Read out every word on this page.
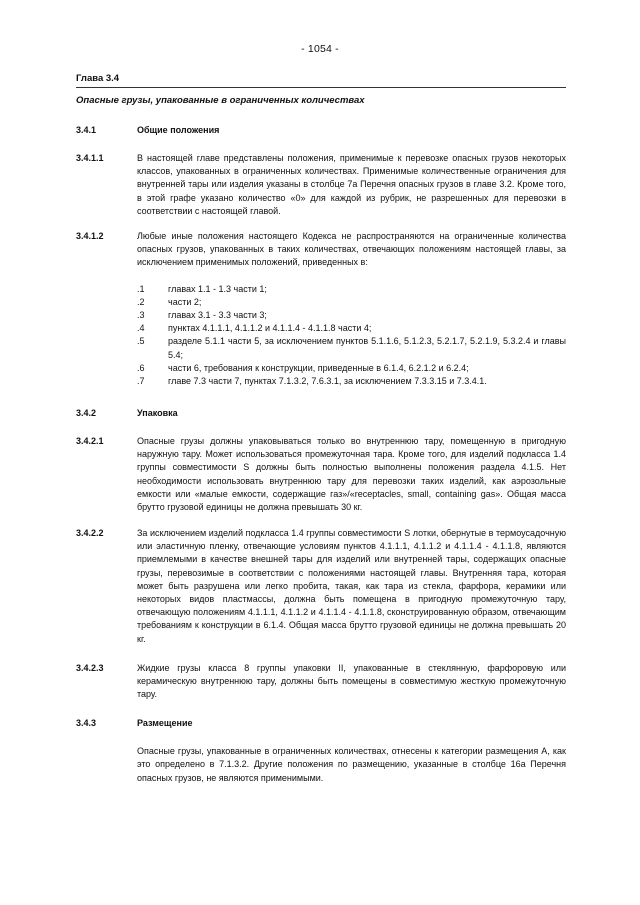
- 1054 -
Глава 3.4
Опасные грузы, упакованные в ограниченных количествах
3.4.1	Общие положения
3.4.1.1	В настоящей главе представлены положения, применимые к перевозке опасных грузов некоторых классов, упакованных в ограниченных количествах. Применимые количественные ограничения для внутренней тары или изделия указаны в столбце 7а Перечня опасных грузов в главе 3.2. Кроме того, в этой графе указано количество «0» для каждой из рубрик, не разрешенных для перевозки в соответствии с настоящей главой.
3.4.1.2	Любые иные положения настоящего Кодекса не распространяются на ограниченные количества опасных грузов, упакованных в таких количествах, отвечающих положениям настоящей главы, за исключением применимых положений, приведенных в:
.1	главах 1.1 - 1.3 части 1;
.2	части 2;
.3	главах 3.1 - 3.3 части 3;
.4	пунктах 4.1.1.1, 4.1.1.2 и 4.1.1.4 - 4.1.1.8 части 4;
.5	разделе 5.1.1 части 5, за исключением пунктов 5.1.1.6, 5.1.2.3, 5.2.1.7, 5.2.1.9, 5.3.2.4 и главы 5.4;
.6	части 6, требования к конструкции, приведенные в 6.1.4, 6.2.1.2 и 6.2.4;
.7	главе 7.3 части 7, пунктах 7.1.3.2, 7.6.3.1, за исключением 7.3.3.15 и 7.3.4.1.
3.4.2	Упаковка
3.4.2.1	Опасные грузы должны упаковываться только во внутреннюю тару, помещенную в пригодную наружную тару. Может использоваться промежуточная тара. Кроме того, для изделий подкласса 1.4 группы совместимости S должны быть полностью выполнены положения раздела 4.1.5. Нет необходимости использовать внутреннюю тару для перевозки таких изделий, как аэрозольные емкости или «малые емкости, содержащие газ»/«receptacles, small, containing gas». Общая масса брутто грузовой единицы не должна превышать 30 кг.
3.4.2.2	За исключением изделий подкласса 1.4 группы совместимости S лотки, обернутые в термоусадочную или эластичную пленку, отвечающие условиям пунктов 4.1.1.1, 4.1.1.2 и 4.1.1.4 - 4.1.1.8, являются приемлемыми в качестве внешней тары для изделий или внутренней тары, содержащих опасные грузы, перевозимые в соответствии с положениями настоящей главы. Внутренняя тара, которая может быть разрушена или легко пробита, такая, как тара из стекла, фарфора, керамики или некоторых видов пластмассы, должна быть помещена в пригодную промежуточную тару, отвечающую положениям 4.1.1.1, 4.1.1.2 и 4.1.1.4 - 4.1.1.8, сконструированную образом, отвечающим требованиям к конструкции в 6.1.4. Общая масса брутто грузовой единицы не должна превышать 20 кг.
3.4.2.3	Жидкие грузы класса 8 группы упаковки II, упакованные в стеклянную, фарфоровую или керамическую внутреннюю тару, должны быть помещены в совместимую жесткую промежуточную тару.
3.4.3	Размещение
Опасные грузы, упакованные в ограниченных количествах, отнесены к категории размещения А, как это определено в 7.1.3.2. Другие положения по размещению, указанные в столбце 16а Перечня опасных грузов, не являются применимыми.
